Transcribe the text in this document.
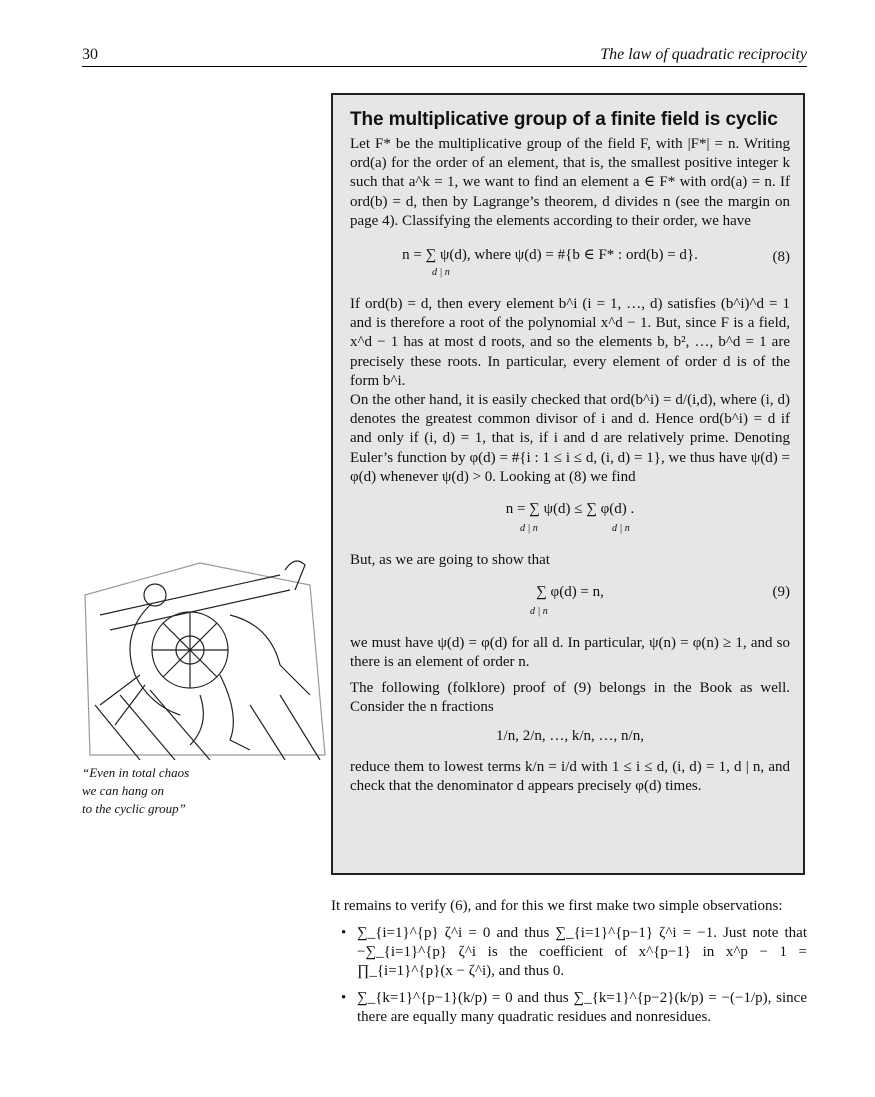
30	The law of quadratic reciprocity
“Even in total chaos
we can hang on
to the cyclic group”
The multiplicative group of a finite field is cyclic

Let F* be the multiplicative group of the field F, with |F*| = n. Writing ord(a) for the order of an element, that is, the smallest positive integer k such that a^k = 1, we want to find an element a ∈ F* with ord(a) = n. If ord(b) = d, then by Lagrange’s theorem, d divides n (see the margin on page 4). Classifying the elements according to their order, we have

n = ∑ ψ(d), where ψ(d) = #{b ∈ F* : ord(b) = d}.
d | n
(8)

If ord(b) = d, then every element b^i (i = 1, …, d) satisfies (b^i)^d = 1 and is therefore a root of the polynomial x^d − 1. But, since F is a field, x^d − 1 has at most d roots, and so the elements b, b², …, b^d = 1 are precisely these roots. In particular, every element of order d is of the form b^i.

On the other hand, it is easily checked that ord(b^i) = d/(i,d), where (i, d) denotes the greatest common divisor of i and d. Hence ord(b^i) = d if and only if (i, d) = 1, that is, if i and d are relatively prime. Denoting Euler’s function by φ(d) = #{i : 1 ≤ i ≤ d, (i, d) = 1}, we thus have ψ(d) = φ(d) whenever ψ(d) > 0. Looking at (8) we find

n = ∑ ψ(d) ≤ ∑ φ(d) .
d | n	d | n

But, as we are going to show that

∑ φ(d) = n,
d | n
(9)

we must have ψ(d) = φ(d) for all d. In particular, ψ(n) = φ(n) ≥ 1, and so there is an element of order n.

The following (folklore) proof of (9) belongs in the Book as well. Consider the n fractions

1/n, 2/n, …, k/n, …, n/n,

reduce them to lowest terms k/n = i/d with 1 ≤ i ≤ d, (i, d) = 1, d | n, and check that the denominator d appears precisely φ(d) times.

It remains to verify (6), and for this we first make two simple observations:
• ∑_{i=1}^{p} ζ^i = 0 and thus ∑_{i=1}^{p−1} ζ^i = −1. Just note that −∑_{i=1}^{p} ζ^i is the coefficient of x^{p−1} in x^p − 1 = ∏_{i=1}^{p}(x − ζ^i), and thus 0.
• ∑_{k=1}^{p−1}(k/p) = 0 and thus ∑_{k=1}^{p−2}(k/p) = −(−1/p), since there are equally many quadratic residues and nonresidues.
